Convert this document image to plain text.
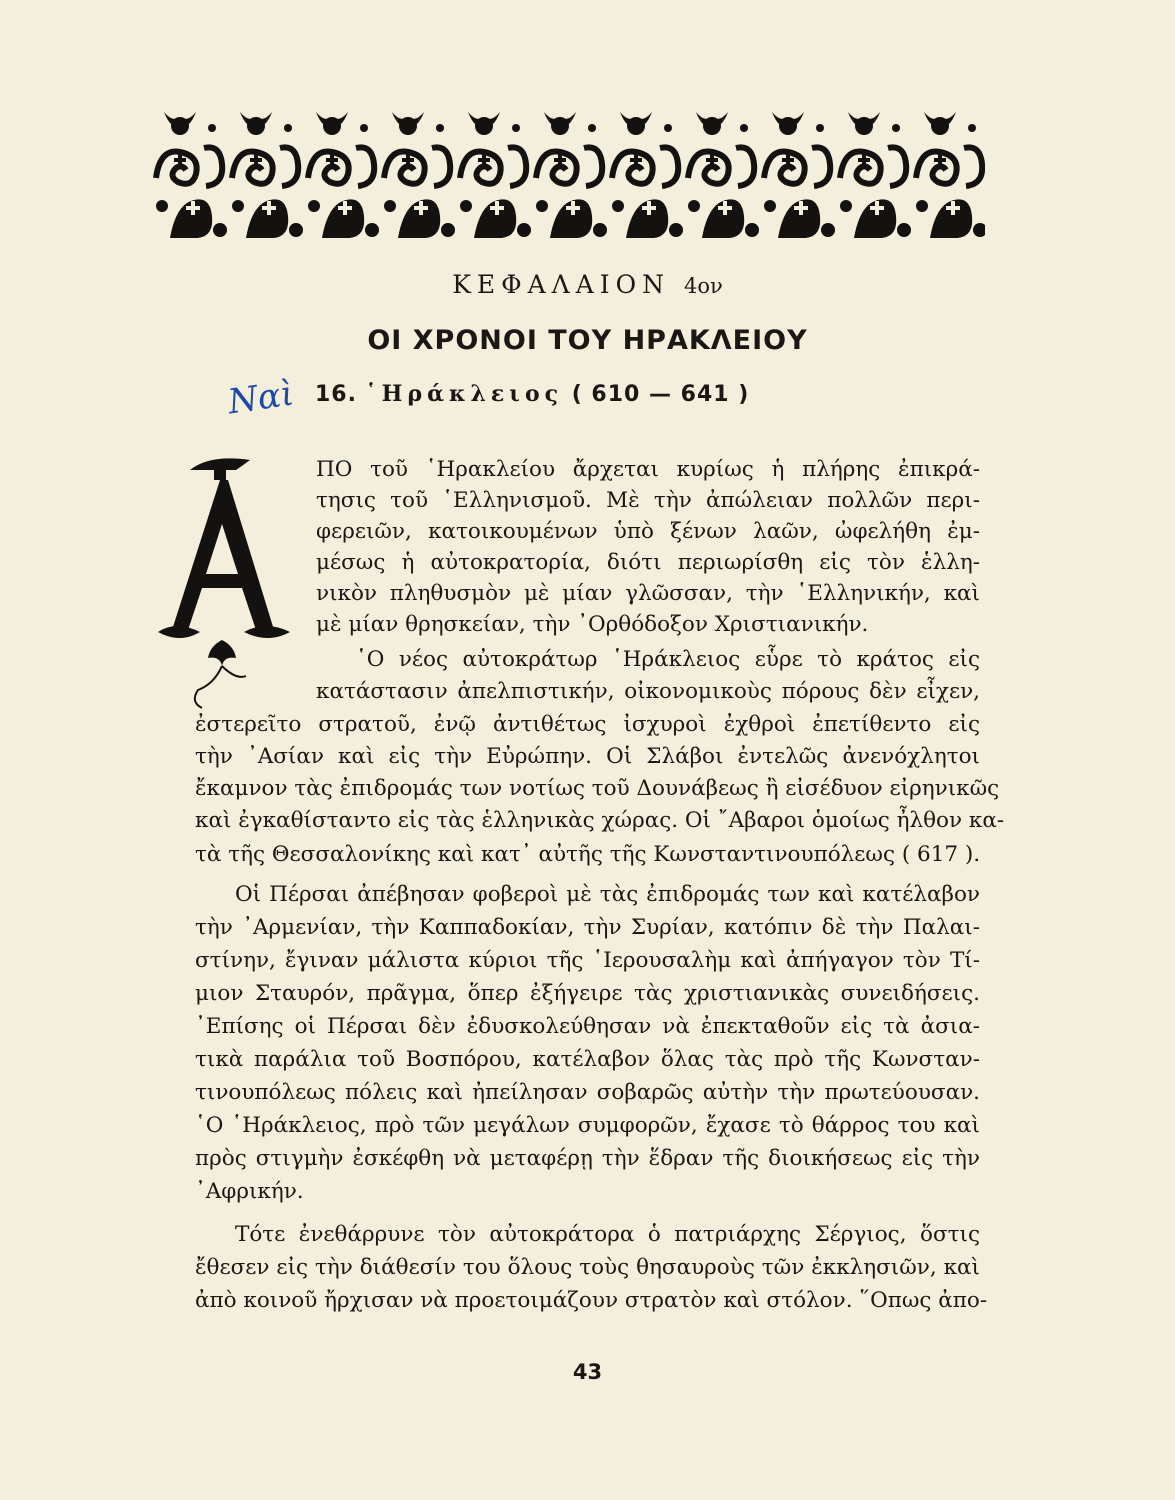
ΚΕΦΑΛΑΙΟΝ 4ον
ΟΙ ΧΡΟΝΟΙ ΤΟΥ ΗΡΑΚΛΕΙΟΥ
Ναὶ 16. ῾Ηράκλειος ( 610 — 641 )
ΠΟ τοῦ ῾Ηρακλείου ἄρχεται κυρίως ἡ πλήρης ἐπικρά-
τησις τοῦ ῾Ελληνισμοῦ. Μὲ τὴν ἀπώλειαν πολλῶν περι-
φερειῶν, κατοικουμένων ὑπὸ ξένων λαῶν, ὠφελήθη ἐμ-
μέσως ἡ αὐτοκρατορία, διότι περιωρίσθη εἰς τὸν ἑλλη-
νικὸν πληθυσμὸν μὲ μίαν γλῶσσαν, τὴν ῾Ελληνικήν, καὶ
μὲ μίαν θρησκείαν, τὴν ᾿Ορθόδοξον Χριστιανικήν.
῾Ο νέος αὐτοκράτωρ ῾Ηράκλειος εὗρε τὸ κράτος εἰς
κατάστασιν ἀπελπιστικήν, οἰκονομικοὺς πόρους δὲν εἶχεν,
ἐστερεῖτο στρατοῦ, ἐνῷ ἀντιθέτως ἰσχυροὶ ἐχθροὶ ἐπετίθεντο εἰς
τὴν ᾿Ασίαν καὶ εἰς τὴν Εὐρώπην. Οἱ Σλάβοι ἐντελῶς ἀνενόχλητοι
ἔκαμνον τὰς ἐπιδρομάς των νοτίως τοῦ Δουνάβεως ἢ εἰσέδυον εἰρηνικῶς
καὶ ἐγκαθίσταντο εἰς τὰς ἑλληνικὰς χώρας. Οἱ ῎Αβαροι ὁμοίως ἦλθον κα-
τὰ τῆς Θεσσαλονίκης καὶ κατ᾿ αὐτῆς τῆς Κωνσταντινουπόλεως ( 617 ).
Οἱ Πέρσαι ἀπέβησαν φοβεροὶ μὲ τὰς ἐπιδρομάς των καὶ κατέλαβον
τὴν ᾿Αρμενίαν, τὴν Καππαδοκίαν, τὴν Συρίαν, κατόπιν δὲ τὴν Παλαι-
στίνην, ἔγιναν μάλιστα κύριοι τῆς ῾Ιερουσαλὴμ καὶ ἀπήγαγον τὸν Τί-
μιον Σταυρόν, πρᾶγμα, ὅπερ ἐξήγειρε τὰς χριστιανικὰς συνειδήσεις.
᾿Επίσης οἱ Πέρσαι δὲν ἐδυσκολεύθησαν νὰ ἐπεκταθοῦν εἰς τὰ ἀσια-
τικὰ παράλια τοῦ Βοσπόρου, κατέλαβον ὅλας τὰς πρὸ τῆς Κωνσταν-
τινουπόλεως πόλεις καὶ ἠπείλησαν σοβαρῶς αὐτὴν τὴν πρωτεύουσαν.
῾Ο ῾Ηράκλειος, πρὸ τῶν μεγάλων συμφορῶν, ἔχασε τὸ θάρρος του καὶ
πρὸς στιγμὴν ἐσκέφθη νὰ μεταφέρῃ τὴν ἕδραν τῆς διοικήσεως εἰς τὴν
᾿Αφρικήν.
Τότε ἐνεθάρρυνε τὸν αὐτοκράτορα ὁ πατριάρχης Σέργιος, ὅστις
ἔθεσεν εἰς τὴν διάθεσίν του ὅλους τοὺς θησαυροὺς τῶν ἐκκλησιῶν, καὶ
ἀπὸ κοινοῦ ἤρχισαν νὰ προετοιμάζουν στρατὸν καὶ στόλον. ῞Οπως ἀπο-
43
